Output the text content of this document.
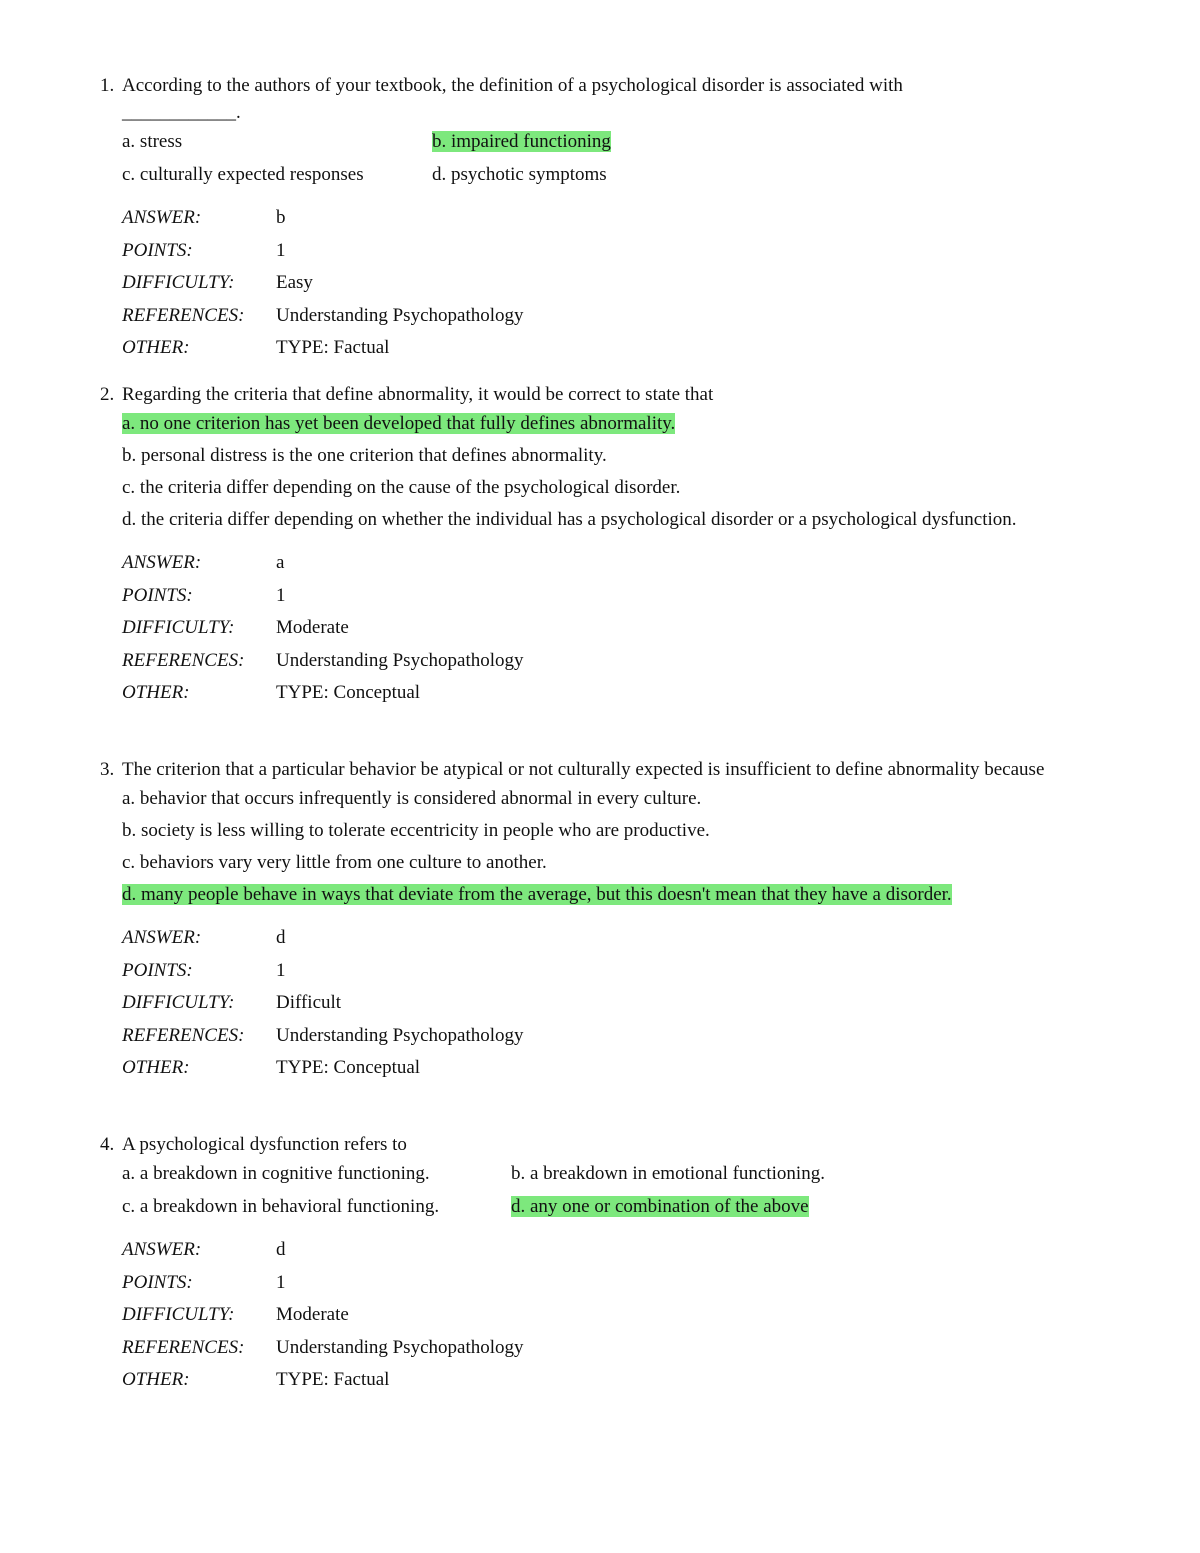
1. According to the authors of your textbook, the definition of a psychological disorder is associated with
____________.
a. stress	b. impaired functioning
c. culturally expected responses	d. psychotic symptoms
ANSWER:	b
POINTS:	1
DIFFICULTY:	Easy
REFERENCES:	Understanding Psychopathology
OTHER:	TYPE: Factual
2. Regarding the criteria that define abnormality, it would be correct to state that
a. no one criterion has yet been developed that fully defines abnormality.
b. personal distress is the one criterion that defines abnormality.
c. the criteria differ depending on the cause of the psychological disorder.
d. the criteria differ depending on whether the individual has a psychological disorder or a psychological dysfunction.
ANSWER:	a
POINTS:	1
DIFFICULTY:	Moderate
REFERENCES:	Understanding Psychopathology
OTHER:	TYPE: Conceptual
3. The criterion that a particular behavior be atypical or not culturally expected is insufficient to define abnormality because
a. behavior that occurs infrequently is considered abnormal in every culture.
b. society is less willing to tolerate eccentricity in people who are productive.
c. behaviors vary very little from one culture to another.
d. many people behave in ways that deviate from the average, but this doesn't mean that they have a disorder.
ANSWER:	d
POINTS:	1
DIFFICULTY:	Difficult
REFERENCES:	Understanding Psychopathology
OTHER:	TYPE: Conceptual
4. A psychological dysfunction refers to
a. a breakdown in cognitive functioning.	b. a breakdown in emotional functioning.
c. a breakdown in behavioral functioning.	d. any one or combination of the above
ANSWER:	d
POINTS:	1
DIFFICULTY:	Moderate
REFERENCES:	Understanding Psychopathology
OTHER:	TYPE: Factual
